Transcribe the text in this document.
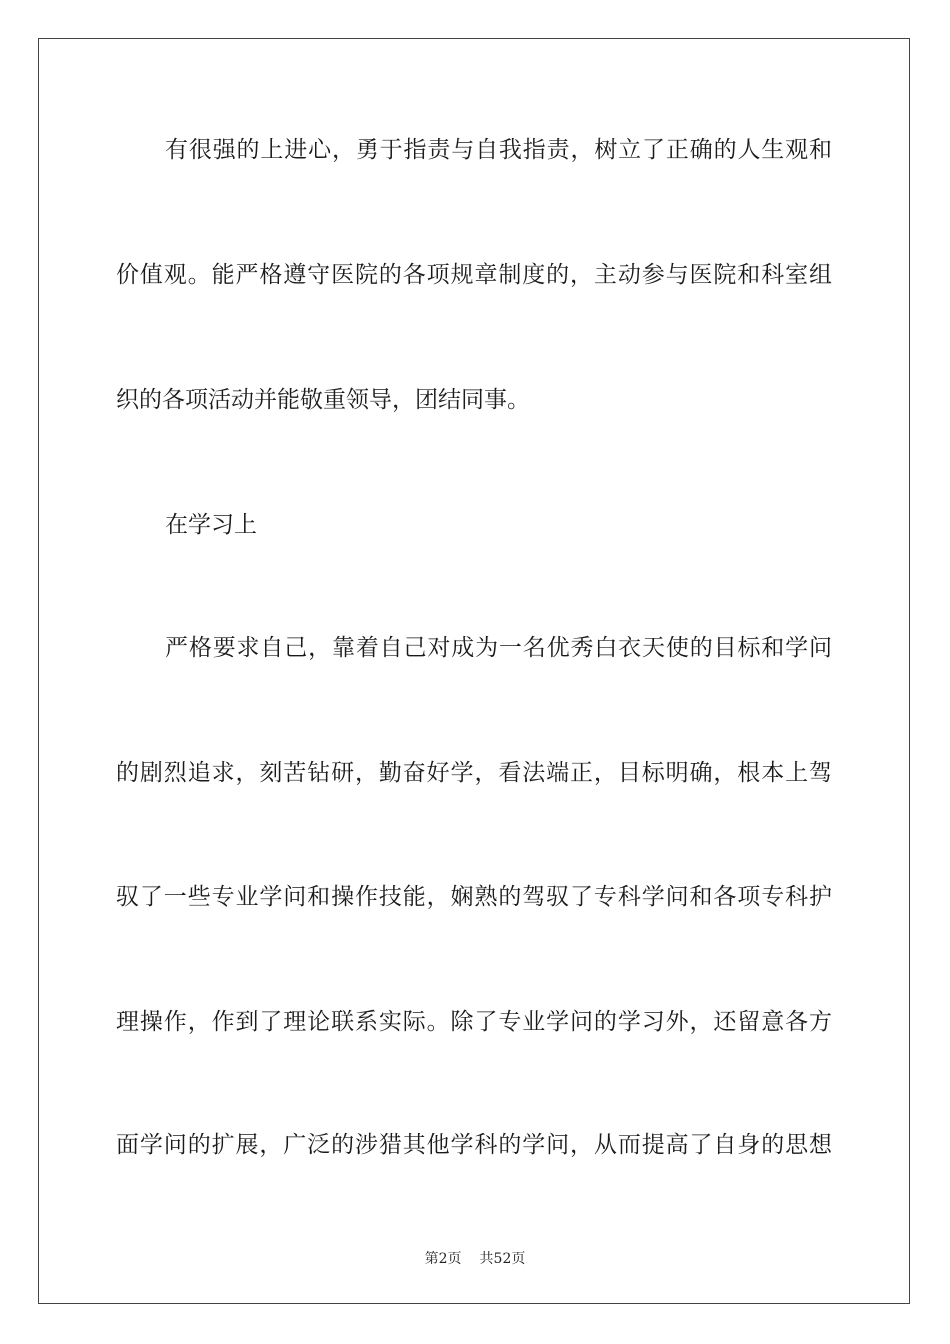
有很强的上进心，勇于指责与自我指责，树立了正确的人生观和
价值观。能严格遵守医院的各项规章制度的，主动参与医院和科室组
织的各项活动并能敬重领导，团结同事。
在学习上
严格要求自己，靠着自己对成为一名优秀白衣天使的目标和学问
的剧烈追求，刻苦钻研，勤奋好学，看法端正，目标明确，根本上驾
驭了一些专业学问和操作技能，娴熟的驾驭了专科学问和各项专科护
理操作，作到了理论联系实际。除了专业学问的学习外，还留意各方
面学问的扩展，广泛的涉猎其他学科的学问，从而提高了自身的思想
第2页 共52页
